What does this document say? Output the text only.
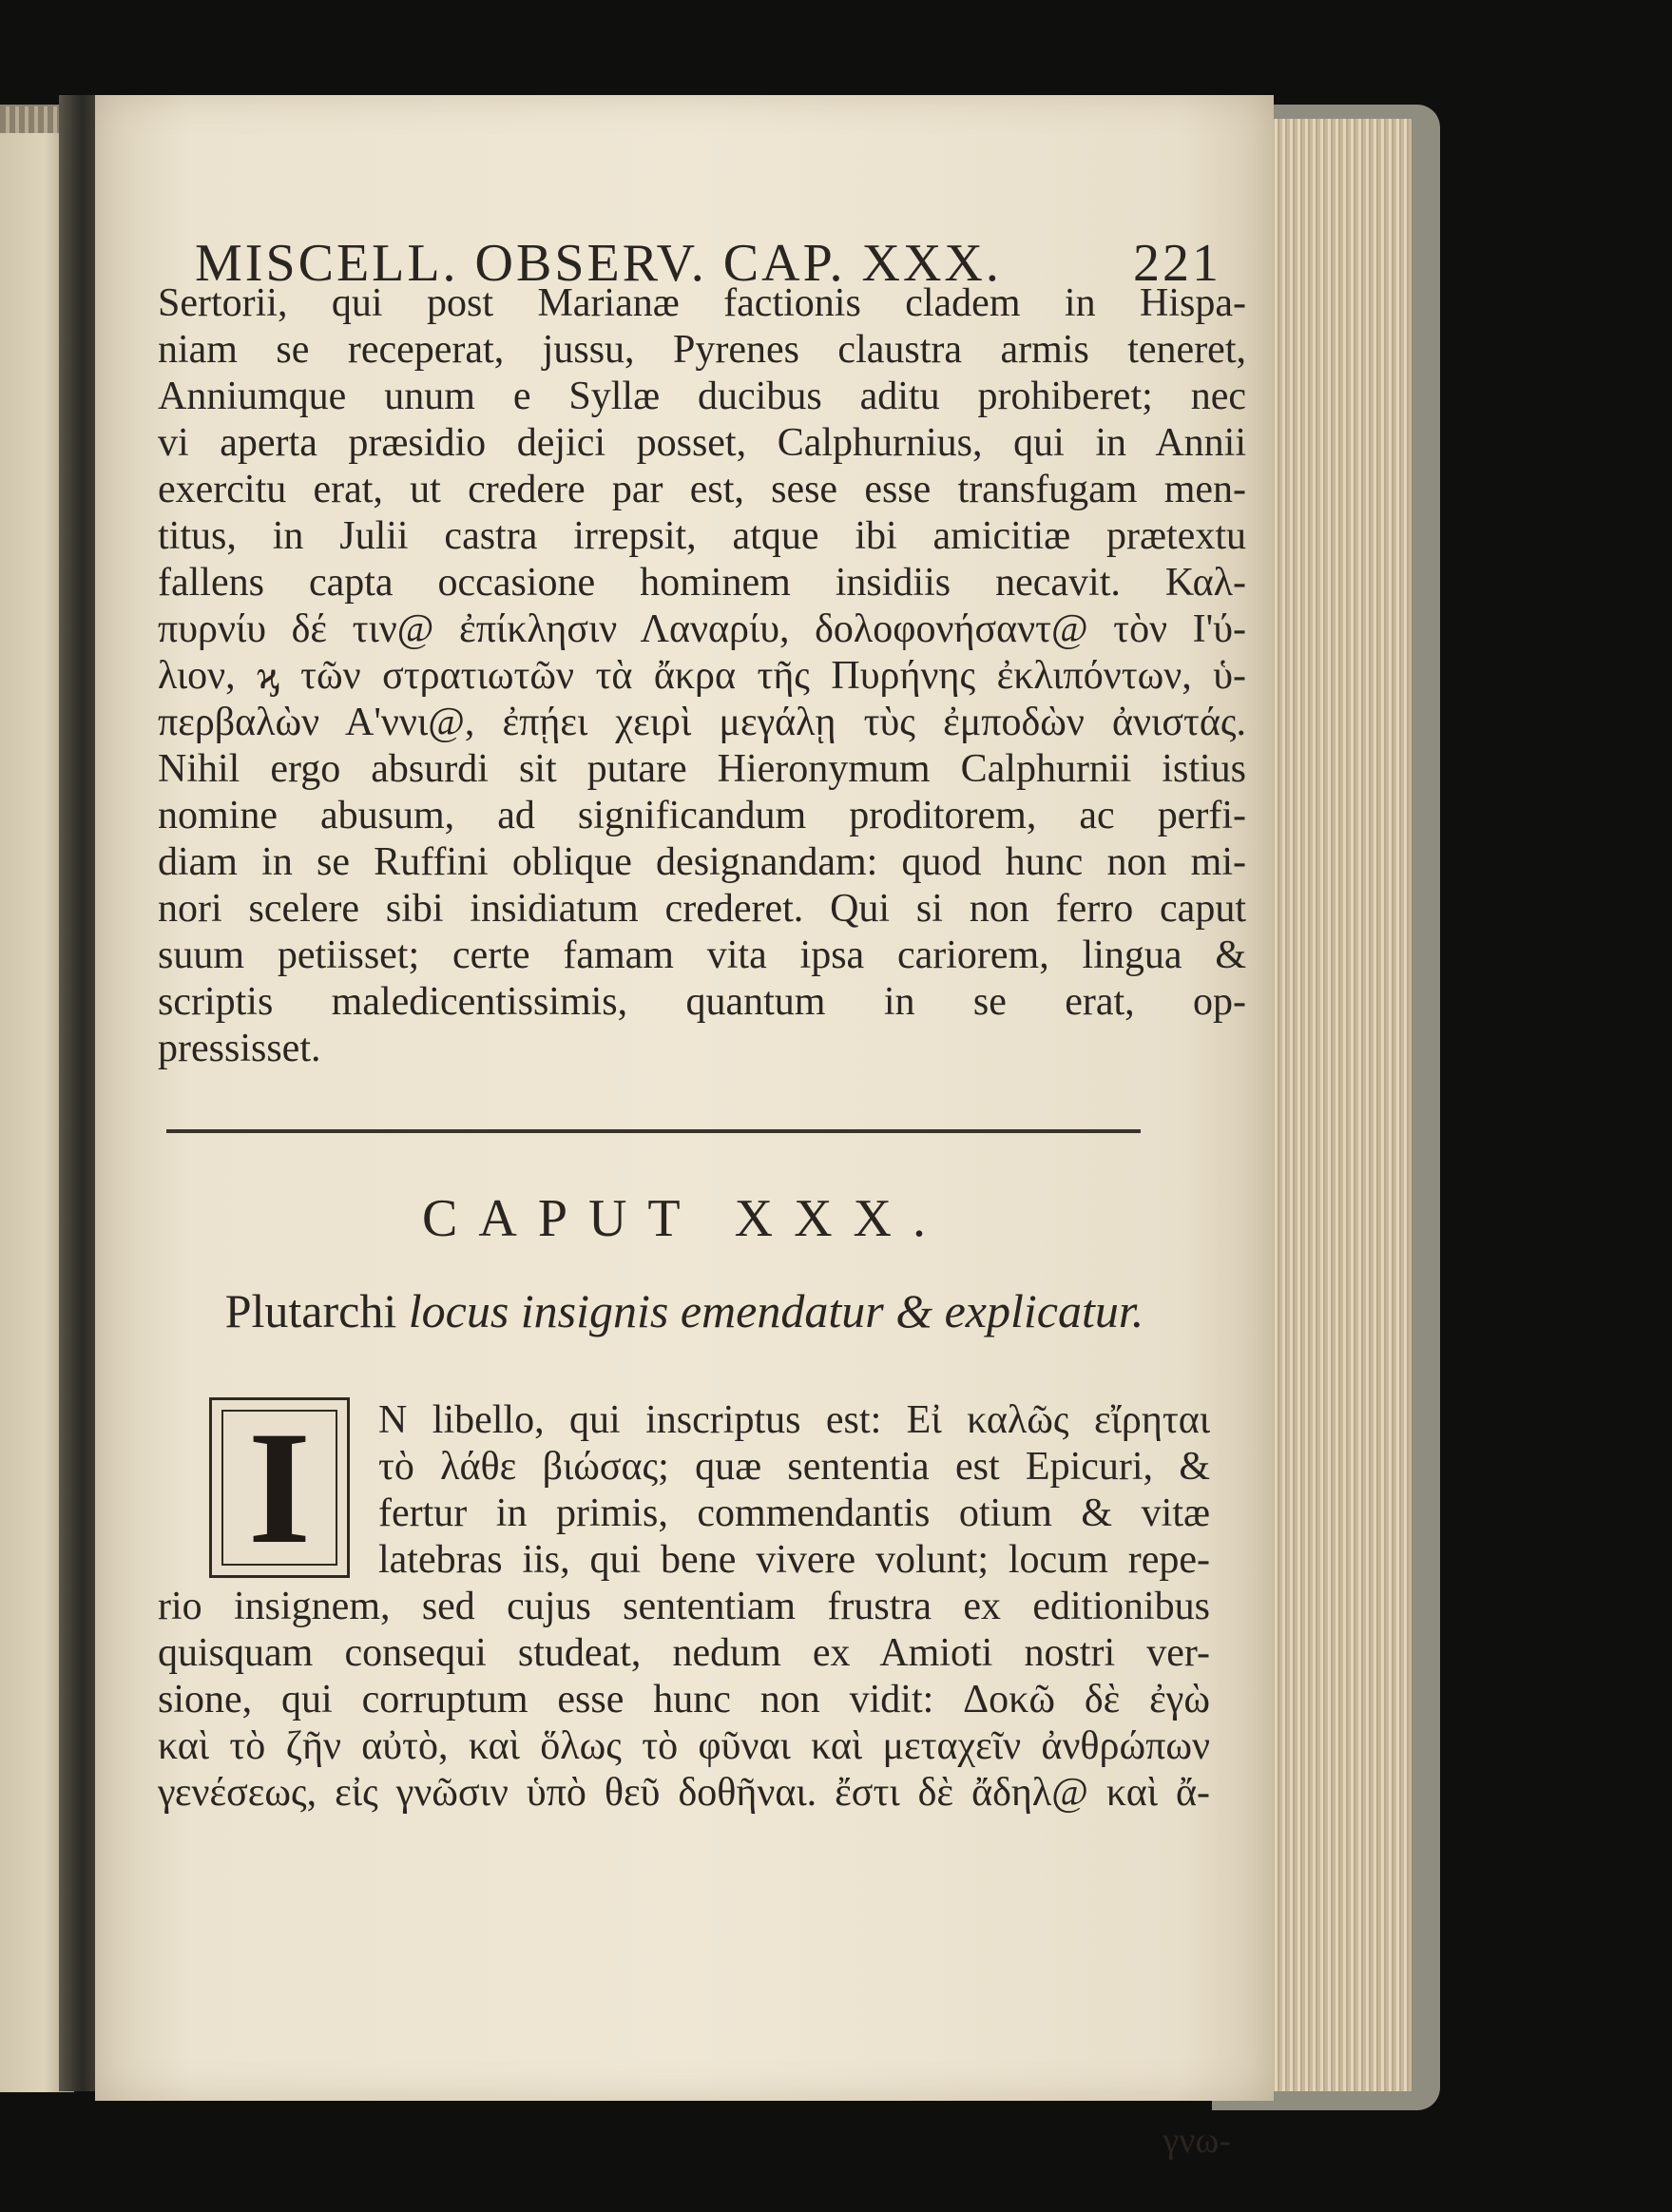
MISCELL. OBSERV. CAP. XXX. 221
Sertorii, qui post Marianæ factionis cladem in Hispa-
niam se receperat, jussu, Pyrenes claustra armis teneret,
Anniumque unum e Syllæ ducibus aditu prohiberet; nec
vi aperta præsidio dejici posset, Calphurnius, qui in Annii
exercitu erat, ut credere par est, sese esse transfugam men-
titus, in Julii castra irrepsit, atque ibi amicitiæ prætextu
fallens capta occasione hominem insidiis necavit. Καλ-
πυρνίυ δέ τιν@ ἐπίκλησιν Λαναρίυ, δολοφονήσαντ@ τὸν Ι'ύ-
λιον, ϗ τῶν στρατιωτῶν τὰ ἄκρα τῆς Πυρήνης ἐκλιπόντων, ὑ-
περβαλὼν Α'ννι@, ἐπῄει χειρὶ μεγάλῃ τὺς ἐμποδὼν ἀνιστάς.
Nihil ergo absurdi sit putare Hieronymum Calphurnii istius
nomine abusum, ad significandum proditorem, ac perfi-
diam in se Ruffini oblique designandam: quod hunc non mi-
nori scelere sibi insidiatum crederet. Qui si non ferro caput
suum petiisset; certe famam vita ipsa cariorem, lingua &
scriptis maledicentissimis, quantum in se erat, op-
pressisset.
CAPUT XXX.
Plutarchi locus insignis emendatur & explicatur.
I N libello, qui inscriptus est: Εἰ καλῶς εἴρηται
τὸ λάθε βιώσας; quæ sententia est Epicuri, &
fertur in primis, commendantis otium & vitæ
latebras iis, qui bene vivere volunt; locum repe-
rio insignem, sed cujus sententiam frustra ex editionibus
quisquam consequi studeat, nedum ex Amioti nostri ver-
sione, qui corruptum esse hunc non vidit: Δοκῶ δὲ ἐγὼ
καὶ τὸ ζῆν αὐτὸ, καὶ ὅλως τὸ φῦναι καὶ μεταχεῖν ἀνθρώπων
γενέσεως, εἰς γνῶσιν ὑπὸ θεῦ δοθῆναι. ἔστι δὲ ἄδηλ@ καὶ ἄ-
γνω-
